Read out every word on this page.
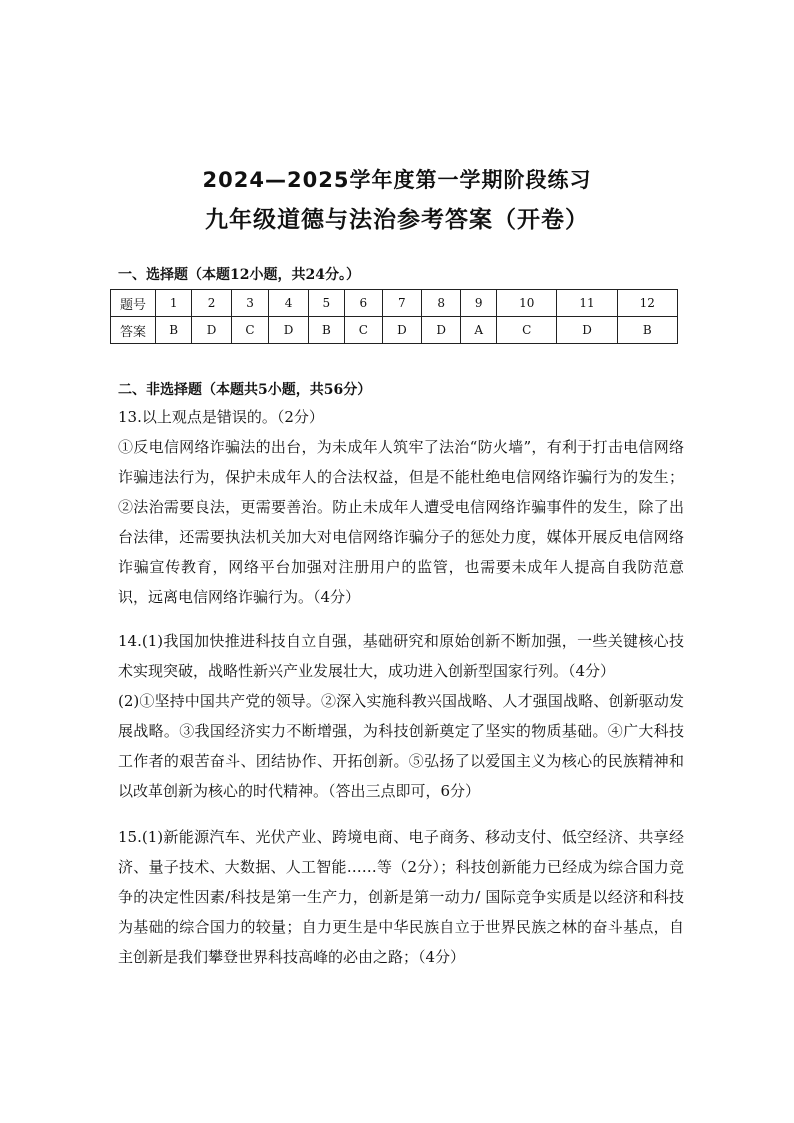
2024—2025学年度第一学期阶段练习
九年级道德与法治参考答案（开卷）
一、选择题（本题12小题，共24分。）
题号	1	2	3	4	5	6	7	8	9	10	11	12
答案	B	D	C	D	B	C	D	D	A	C	D	B
二、非选择题（本题共5小题，共56分）

13.以上观点是错误的。（2分）

①反电信网络诈骗法的出台，为未成年人筑牢了法治“防火墙”，有利于打击电信网络诈骗违法行为，保护未成年人的合法权益，但是不能杜绝电信网络诈骗行为的发生；②法治需要良法，更需要善治。防止未成年人遭受电信网络诈骗事件的发生，除了出台法律，还需要执法机关加大对电信网络诈骗分子的惩处力度，媒体开展反电信网络诈骗宣传教育，网络平台加强对注册用户的监管，也需要未成年人提高自我防范意识，远离电信网络诈骗行为。（4分）

14.(1)我国加快推进科技自立自强，基础研究和原始创新不断加强，一些关键核心技术实现突破，战略性新兴产业发展壮大，成功进入创新型国家行列。（4分）

(2)①坚持中国共产党的领导。②深入实施科教兴国战略、人才强国战略、创新驱动发展战略。③我国经济实力不断增强，为科技创新奠定了坚实的物质基础。④广大科技工作者的艰苦奋斗、团结协作、开拓创新。⑤弘扬了以爱国主义为核心的民族精神和以改革创新为核心的时代精神。（答出三点即可，6分）

15.(1)新能源汽车、光伏产业、跨境电商、电子商务、移动支付、低空经济、共享经济、量子技术、大数据、人工智能……等（2分）；科技创新能力已经成为综合国力竞争的决定性因素/科技是第一生产力，创新是第一动力/ 国际竞争实质是以经济和科技为基础的综合国力的较量；自力更生是中华民族自立于世界民族之林的奋斗基点，自主创新是我们攀登世界科技高峰的必由之路；（4分）
